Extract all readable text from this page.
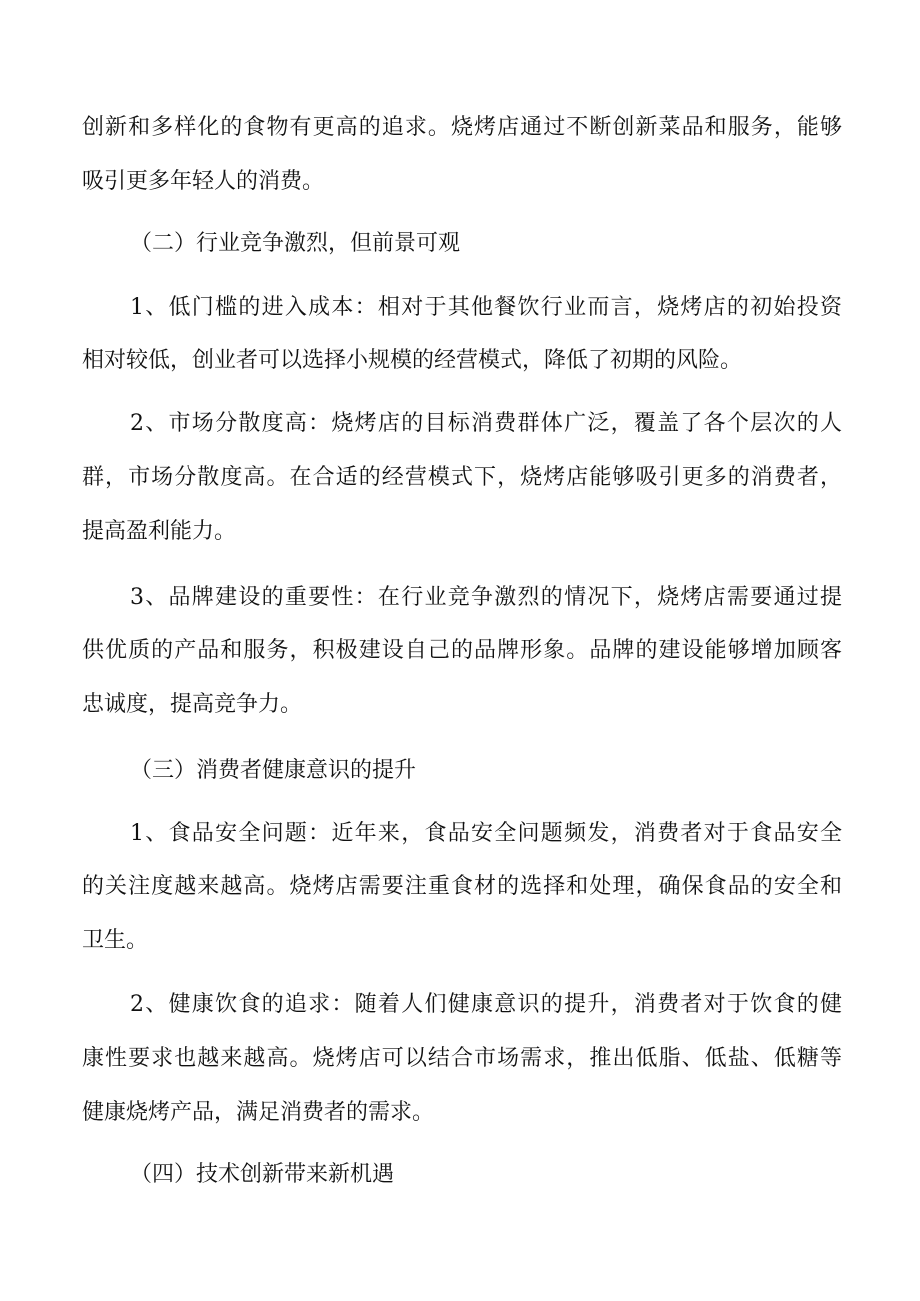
创新和多样化的食物有更高的追求。烧烤店通过不断创新菜品和服务，能够
吸引更多年轻人的消费。
（二）行业竞争激烈，但前景可观
1、低门槛的进入成本：相对于其他餐饮行业而言，烧烤店的初始投资
相对较低，创业者可以选择小规模的经营模式，降低了初期的风险。
2、市场分散度高：烧烤店的目标消费群体广泛，覆盖了各个层次的人
群，市场分散度高。在合适的经营模式下，烧烤店能够吸引更多的消费者，
提高盈利能力。
3、品牌建设的重要性：在行业竞争激烈的情况下，烧烤店需要通过提
供优质的产品和服务，积极建设自己的品牌形象。品牌的建设能够增加顾客
忠诚度，提高竞争力。
（三）消费者健康意识的提升
1、食品安全问题：近年来，食品安全问题频发，消费者对于食品安全
的关注度越来越高。烧烤店需要注重食材的选择和处理，确保食品的安全和
卫生。
2、健康饮食的追求：随着人们健康意识的提升，消费者对于饮食的健
康性要求也越来越高。烧烤店可以结合市场需求，推出低脂、低盐、低糖等
健康烧烤产品，满足消费者的需求。
（四）技术创新带来新机遇
